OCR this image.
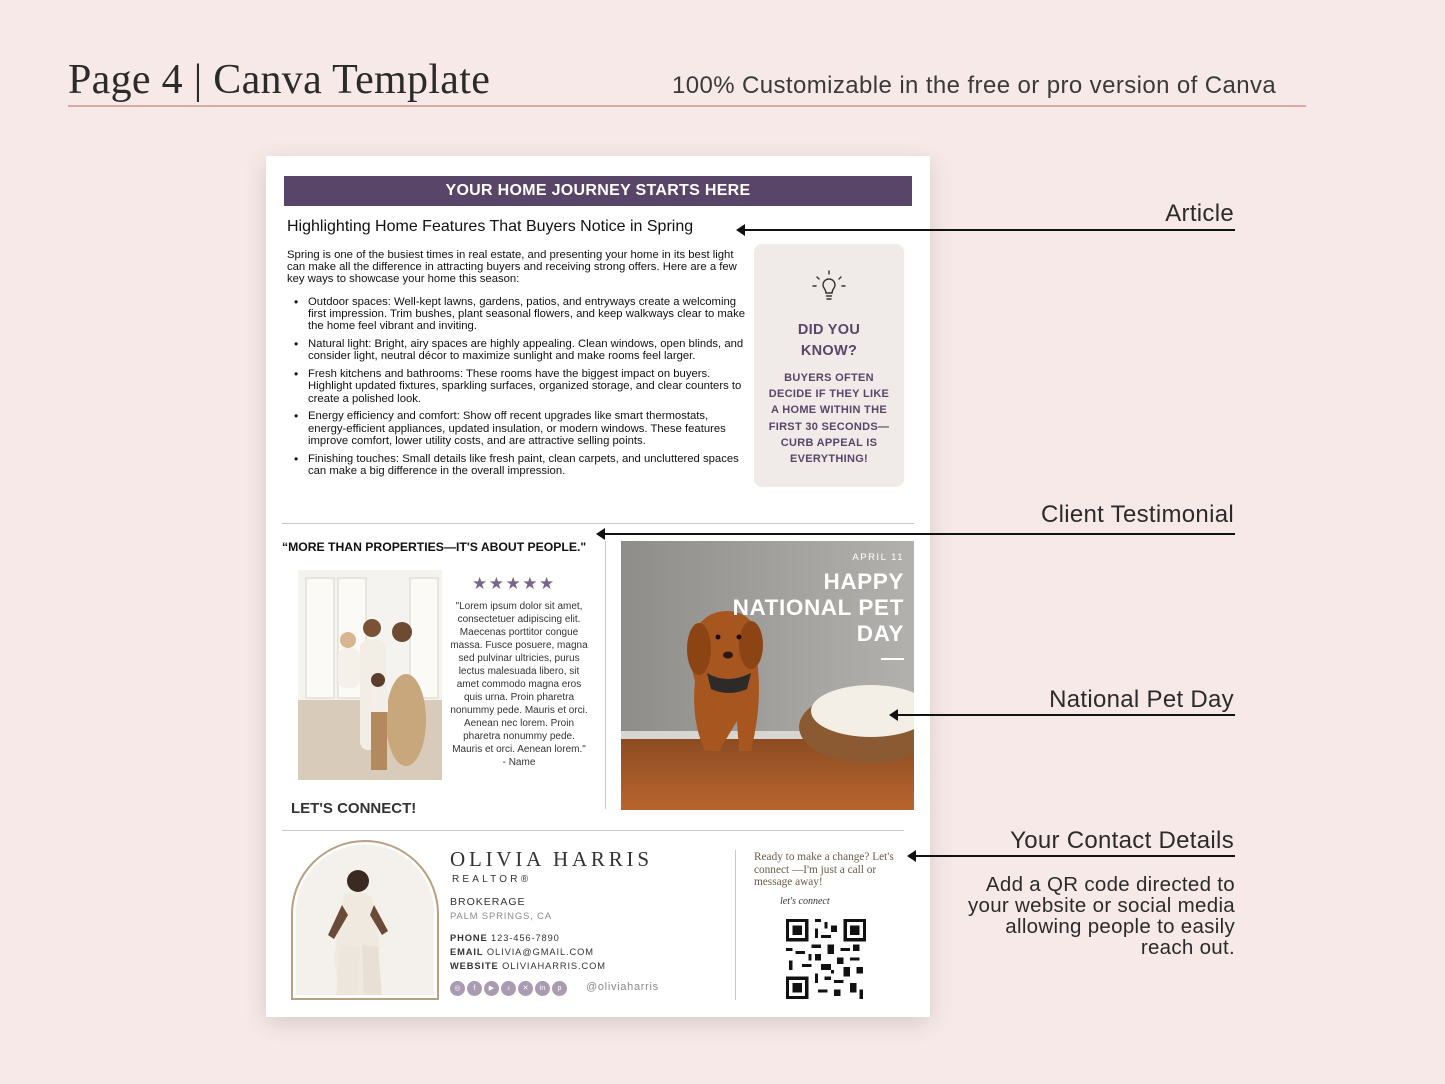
Page 4 | Canva Template	100% Customizable in the free or pro version of Canva
YOUR HOME JOURNEY STARTS HERE
Highlighting Home Features That Buyers Notice in Spring
Spring is one of the busiest times in real estate, and presenting your home in its best light can make all the difference in attracting buyers and receiving strong offers. Here are a few key ways to showcase your home this season:
• Outdoor spaces: Well-kept lawns, gardens, patios, and entryways create a welcoming first impression. Trim bushes, plant seasonal flowers, and keep walkways clear to make the home feel vibrant and inviting.
• Natural light: Bright, airy spaces are highly appealing. Clean windows, open blinds, and consider light, neutral décor to maximize sunlight and make rooms feel larger.
• Fresh kitchens and bathrooms: These rooms have the biggest impact on buyers. Highlight updated fixtures, sparkling surfaces, organized storage, and clear counters to create a polished look.
• Energy efficiency and comfort: Show off recent upgrades like smart thermostats, energy-efficient appliances, updated insulation, or modern windows. These features improve comfort, lower utility costs, and are attractive selling points.
• Finishing touches: Small details like fresh paint, clean carpets, and uncluttered spaces can make a big difference in the overall impression.
DID YOU KNOW?
BUYERS OFTEN DECIDE IF THEY LIKE A HOME WITHIN THE FIRST 30 SECONDS—CURB APPEAL IS EVERYTHING!
“MORE THAN PROPERTIES—IT'S ABOUT PEOPLE."
★★★★★
"Lorem ipsum dolor sit amet, consectetuer adipiscing elit. Maecenas porttitor congue massa. Fusce posuere, magna sed pulvinar ultricies, purus lectus malesuada libero, sit amet commodo magna eros quis urna. Proin pharetra nonummy pede. Mauris et orci. Aenean nec lorem. Proin pharetra nonummy pede. Mauris et orci. Aenean lorem."
- Name
LET'S CONNECT!
APRIL 11
HAPPY NATIONAL PET DAY
OLIVIA HARRIS
REALTOR®
BROKERAGE
PALM SPRINGS, CA
PHONE 123-456-7890
EMAIL OLIVIA@GMAIL.COM
WEBSITE OLIVIAHARRIS.COM
◎	f	▶	♪	✕	in	p	@oliviaharris
Ready to make a change? Let's connect —I'm just a call or message away!
let's connect
Article
Client Testimonial
National Pet Day
Your Contact Details
Add a QR code directed to your website or social media allowing people to easily reach out.
